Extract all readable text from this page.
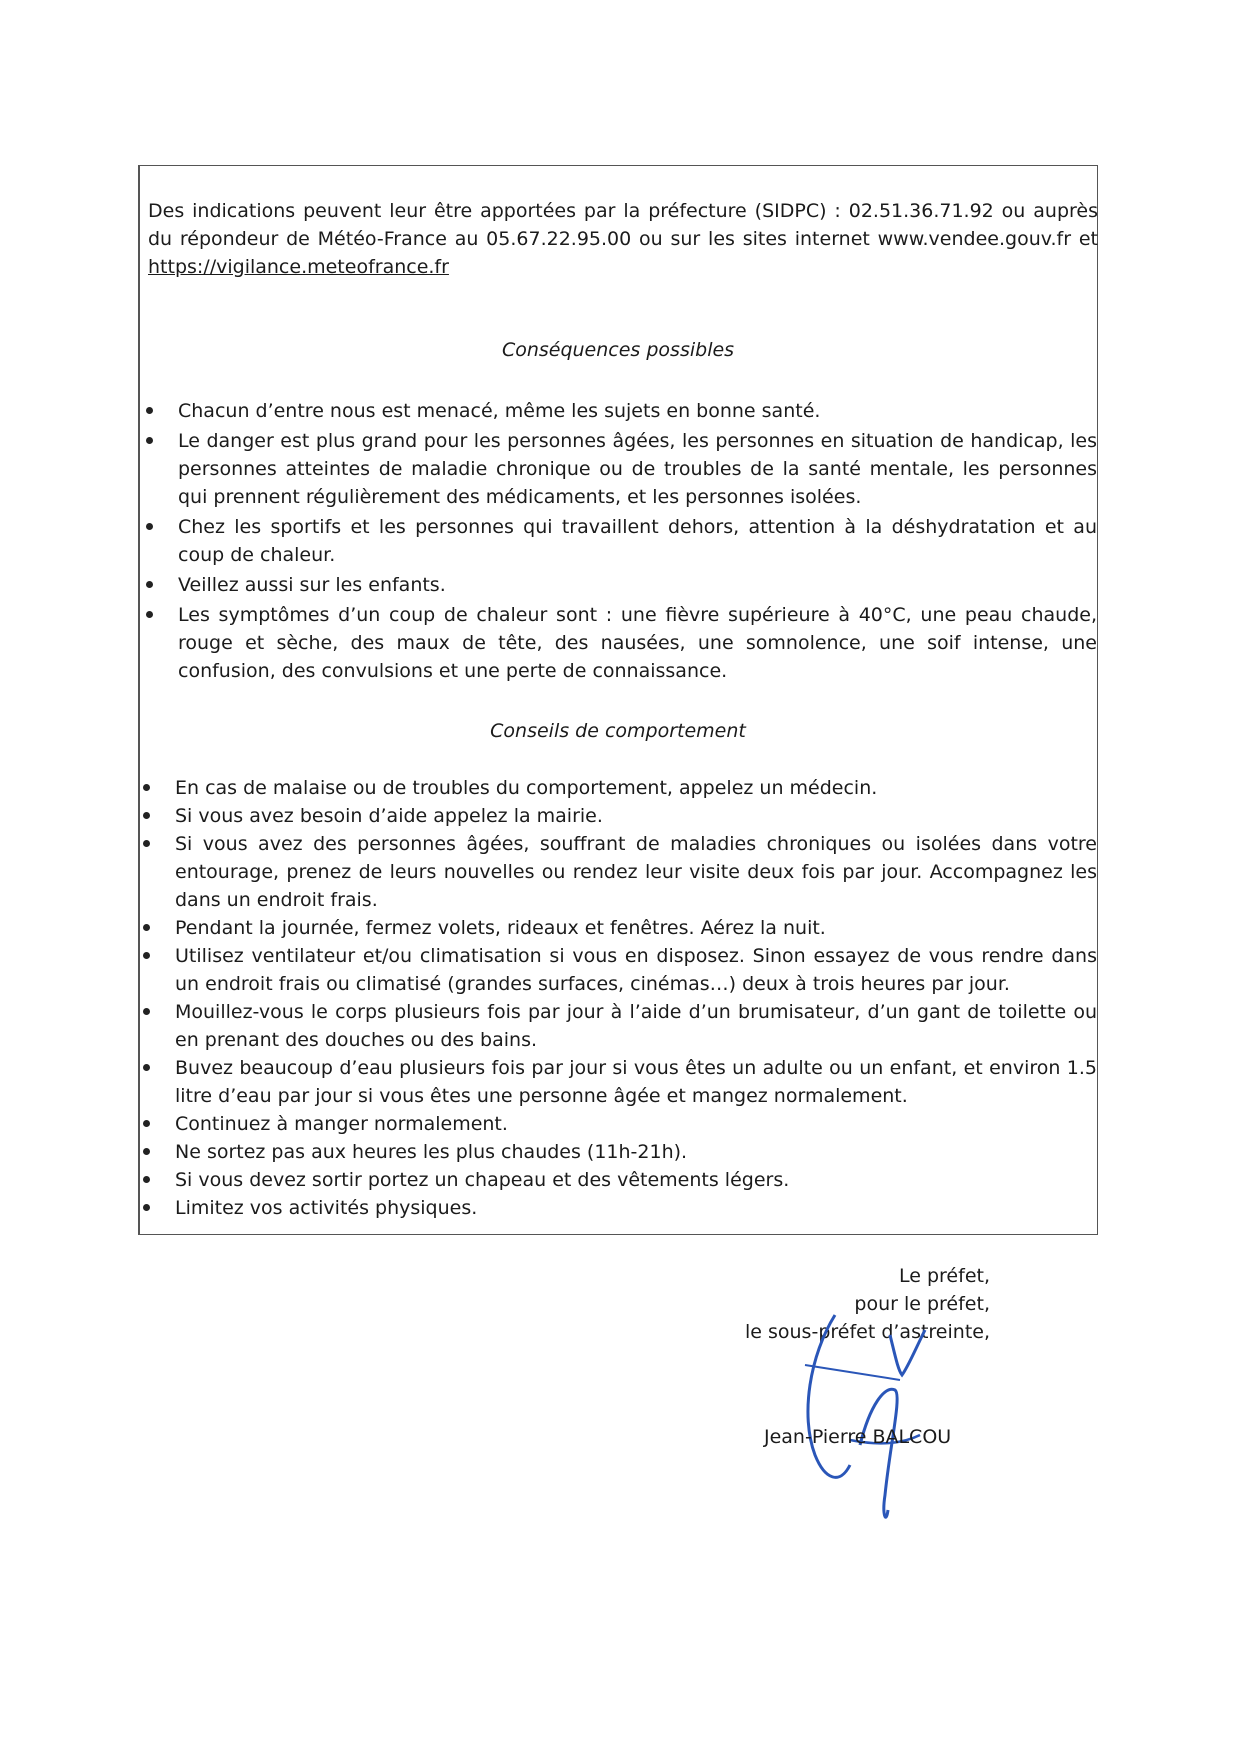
Des indications peuvent leur être apportées par la préfecture (SIDPC) : 02.51.36.71.92 ou auprès du répondeur de Météo-France au 05.67.22.95.00 ou sur les sites internet www.vendee.gouv.fr et https://vigilance.meteofrance.fr
Conséquences possibles
Chacun d’entre nous est menacé, même les sujets en bonne santé.
Le danger est plus grand pour les personnes âgées, les personnes en situation de handicap, les personnes atteintes de maladie chronique ou de troubles de la santé mentale, les personnes qui prennent régulièrement des médicaments, et les personnes isolées.
Chez les sportifs et les personnes qui travaillent dehors, attention à la déshydratation et au coup de chaleur.
Veillez aussi sur les enfants.
Les symptômes d’un coup de chaleur sont : une fièvre supérieure à 40°C, une peau chaude, rouge et sèche, des maux de tête, des nausées, une somnolence, une soif intense, une confusion, des convulsions et une perte de connaissance.
Conseils de comportement
En cas de malaise ou de troubles du comportement, appelez un médecin.
Si vous avez besoin d’aide appelez la mairie.
Si vous avez des personnes âgées, souffrant de maladies chroniques ou isolées dans votre entourage, prenez de leurs nouvelles ou rendez leur visite deux fois par jour. Accompagnez les dans un endroit frais.
Pendant la journée, fermez volets, rideaux et fenêtres. Aérez la nuit.
Utilisez ventilateur et/ou climatisation si vous en disposez. Sinon essayez de vous rendre dans un endroit frais ou climatisé (grandes surfaces, cinémas…) deux à trois heures par jour.
Mouillez-vous le corps plusieurs fois par jour à l’aide d’un brumisateur, d’un gant de toilette ou en prenant des douches ou des bains.
Buvez beaucoup d’eau plusieurs fois par jour si vous êtes un adulte ou un enfant, et environ 1.5 litre d’eau par jour si vous êtes une personne âgée et mangez normalement.
Continuez à manger normalement.
Ne sortez pas aux heures les plus chaudes (11h-21h).
Si vous devez sortir portez un chapeau et des vêtements légers.
Limitez vos activités physiques.
Le préfet,
pour le préfet,
le sous-préfet d’astreinte,
Jean-Pierre BALCOU
